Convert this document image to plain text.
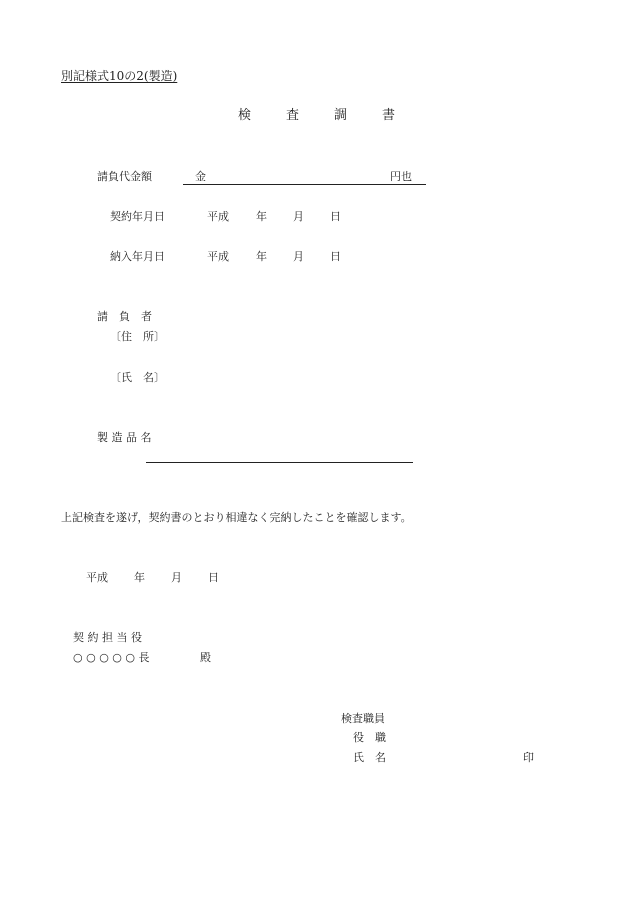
別記様式10の2(製造)
検	査	調	書
請負代金額	金	円也
契約年月日	平成 年 月 日
納入年月日	平成 年 月 日
請　負　者
〔住　所〕
〔氏　名〕
製 造 品 名
上記検査を遂げ，契約書のとおり相違なく完納したことを確認します。
平成 年 月 日
契 約 担 当 役
○ ○ ○ ○ ○ 長	殿
検査職員
役　職
氏　名	印
